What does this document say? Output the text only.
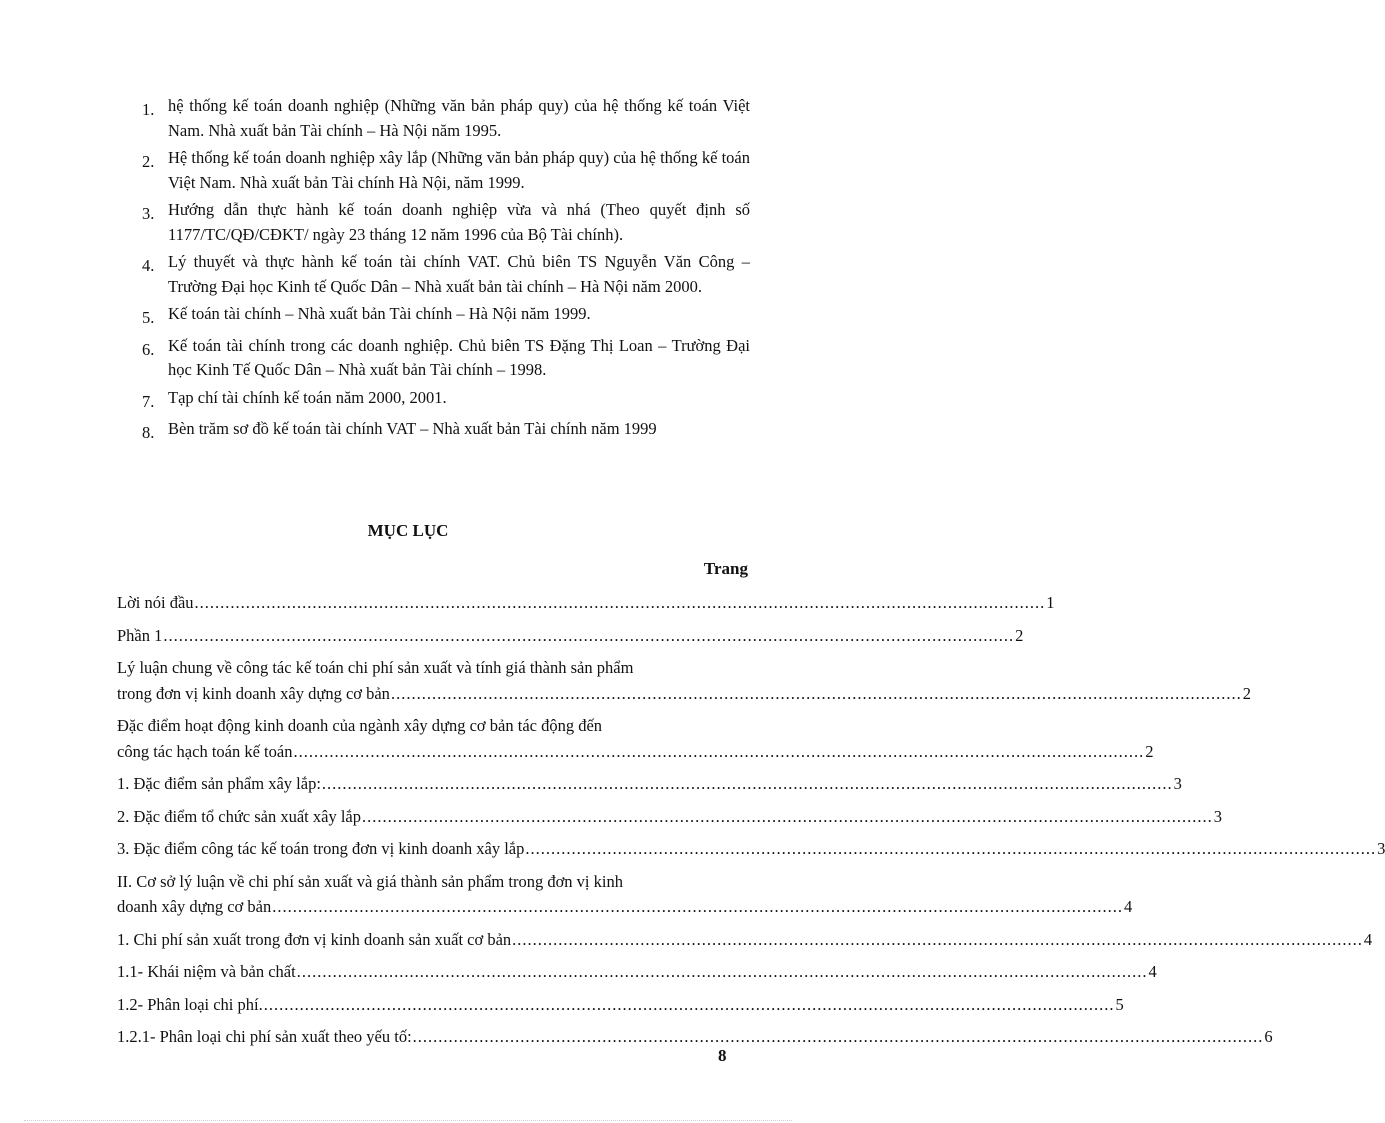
1. hệ thống kế toán doanh nghiệp (Những văn bản pháp quy) của hệ thống kế toán Việt Nam. Nhà xuất bản Tài chính – Hà Nội năm 1995.
2. Hệ thống kế toán doanh nghiệp xây lắp (Những văn bản pháp quy) của hệ thống kế toán Việt Nam. Nhà xuất bản Tài chính Hà Nội, năm 1999.
3. Hướng dẫn thực hành kế toán doanh nghiệp vừa và nhá (Theo quyết định số 1177/TC/QĐ/CĐKT/ ngày 23 tháng 12 năm 1996 của Bộ Tài chính).
4. Lý thuyết và thực hành kế toán tài chính VAT. Chủ biên TS Nguyễn Văn Công – Trường Đại học Kinh tế Quốc Dân – Nhà xuất bản tài chính – Hà Nội năm 2000.
5. Kế toán tài chính – Nhà xuất bản Tài chính – Hà Nội năm 1999.
6. Kế toán tài chính trong các doanh nghiệp. Chủ biên TS Đặng Thị Loan – Trường Đại học Kinh Tế Quốc Dân – Nhà xuất bản Tài chính – 1998.
7. Tạp chí tài chính kế toán năm 2000, 2001.
8. Bèn trăm sơ đồ kế toán tài chính VAT – Nhà xuất bản Tài chính năm 1999
MỤC LỤC
Trang
Lời nói đầu ...................................................................................................................................................................... 1
Phần 1 ...................................................................................................................................................................... 2
Lý luận chung về công tác kế toán chi phí sản xuất và tính giá thành sản phẩm
trong đơn vị kinh doanh xây dựng cơ bản ...................................................................................................................................................................... 2
Đặc điểm hoạt động kinh doanh của ngành xây dựng cơ bản tác động đến
công tác hạch toán kế toán ...................................................................................................................................................................... 2
1. Đặc điểm sản phẩm xây lắp: ...................................................................................................................................................................... 3
2. Đặc điểm tổ chức sản xuất xây lắp ...................................................................................................................................................................... 3
3. Đặc điểm công tác kế toán trong đơn vị kinh doanh xây lắp ...................................................................................................................................................................... 3
II. Cơ sở lý luận về chi phí sản xuất và giá thành sản phẩm trong đơn vị kinh
doanh xây dựng cơ bản ...................................................................................................................................................................... 4
1. Chi phí sản xuất trong đơn vị kinh doanh sản xuất cơ bản ...................................................................................................................................................................... 4
1.1- Khái niệm và bản chất ...................................................................................................................................................................... 4
1.2- Phân loại chi phí. ...................................................................................................................................................................... 5
1.2.1- Phân loại chi phí sản xuất theo yếu tố: ...................................................................................................................................................................... 6
8
